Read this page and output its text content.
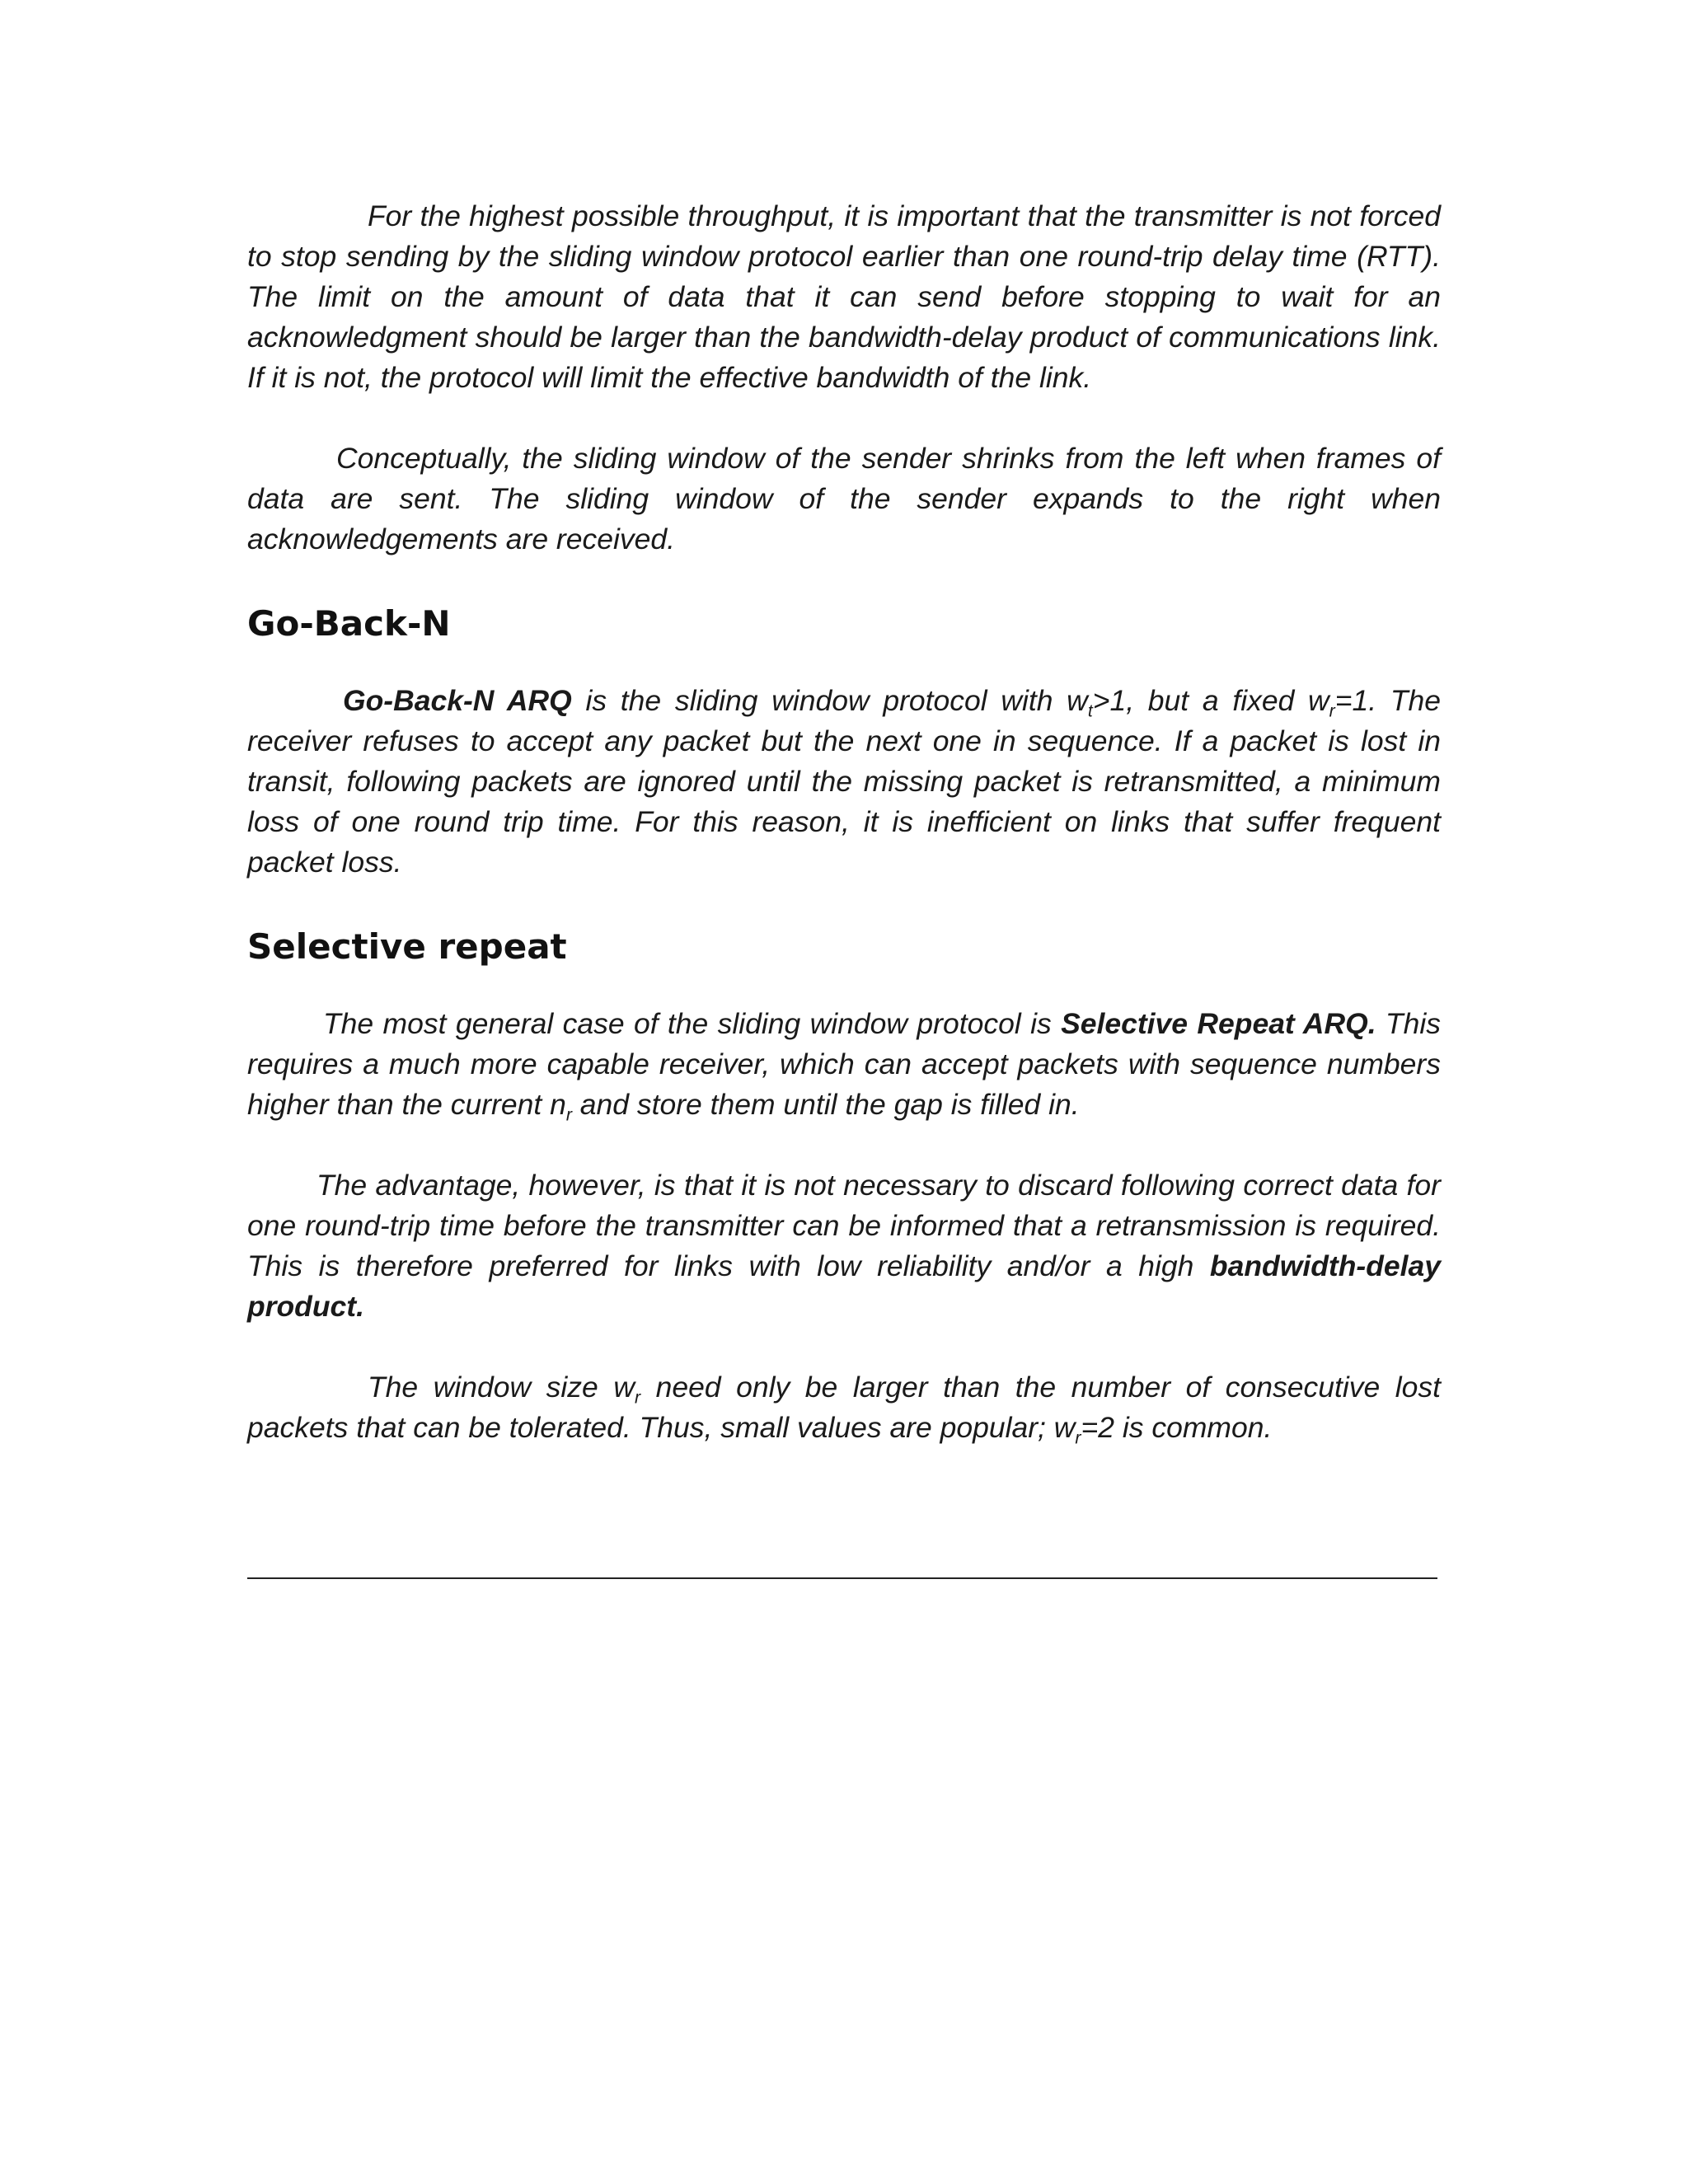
For the highest possible throughput, it is important that the transmitter is not forced to stop sending by the sliding window protocol earlier than one round-trip delay time (RTT). The limit on the amount of data that it can send before stopping to wait for an acknowledgment should be larger than the bandwidth-delay product of communications link. If it is not, the protocol will limit the effective bandwidth of the link.

Conceptually, the sliding window of the sender shrinks from the left when frames of data are sent. The sliding window of the sender expands to the right when acknowledgements are received.

Go-Back-N

Go-Back-N ARQ is the sliding window protocol with $w_t>1$, but a fixed $w_r=1$. The receiver refuses to accept any packet but the next one in sequence. If a packet is lost in transit, following packets are ignored until the missing packet is retransmitted, a minimum loss of one round trip time. For this reason, it is inefficient on links that suffer frequent packet loss.

Selective repeat

The most general case of the sliding window protocol is Selective Repeat ARQ. This requires a much more capable receiver, which can accept packets with sequence numbers higher than the current $n_r$ and store them until the gap is filled in.

The advantage, however, is that it is not necessary to discard following correct data for one round-trip time before the transmitter can be informed that a retransmission is required. This is therefore preferred for links with low reliability and/or a high bandwidth-delay product.

The window size $w_r$ need only be larger than the number of consecutive lost packets that can be tolerated. Thus, small values are popular; $w_r=2$ is common.
